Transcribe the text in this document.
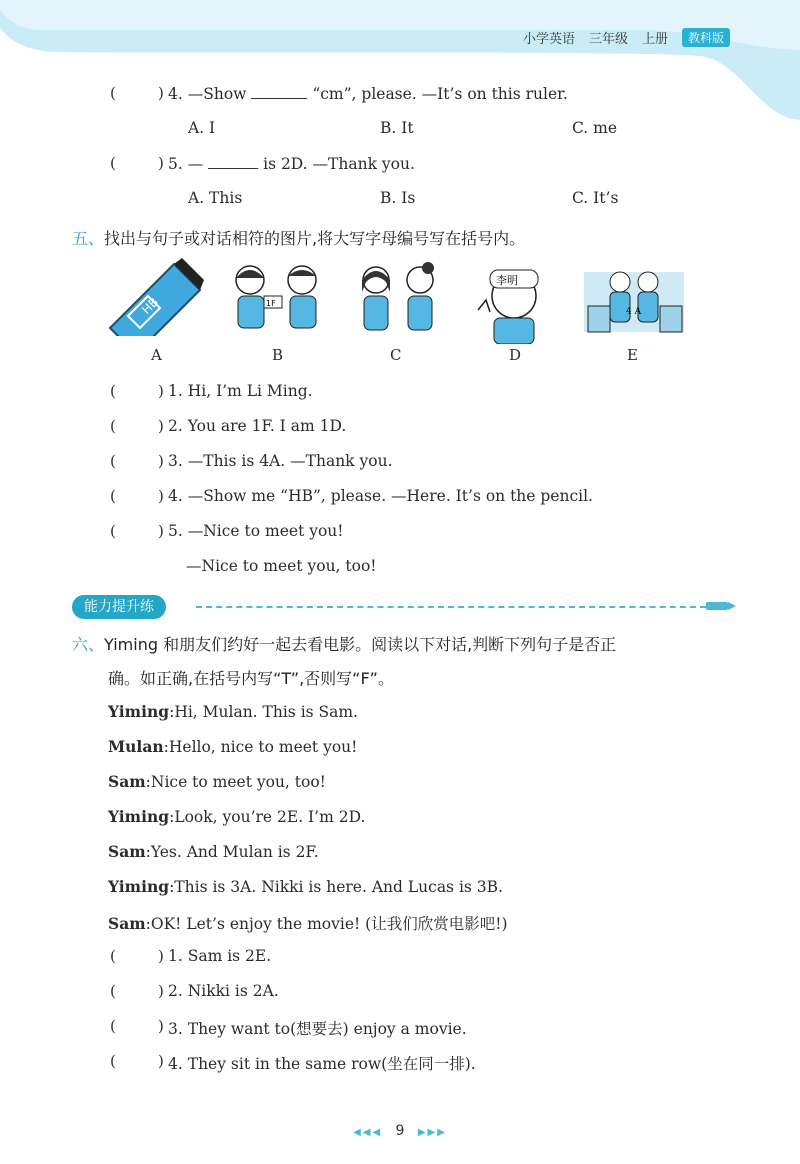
小学英语 三年级 上册	教科版
(	) 4. —Show	“cm”, please. —It’s on this ruler.
A. I	B. It	C. me
(	) 5. —	is 2D. —Thank you.
A. This	B. Is	C. It’s
五、找出与句子或对话相符的图片,将大写字母编号写在括号内。
HB	1F
李明
4 A
A	B	C	D	E
(	) 1. Hi, I’m Li Ming.
(	) 2. You are 1F. I am 1D.
(	) 3. —This is 4A. —Thank you.
(	) 4. —Show me “HB”, please. —Here. It’s on the pencil.
(	) 5. —Nice to meet you!
—Nice to meet you, too!
能力提升练
六、Yiming 和朋友们约好一起去看电影。阅读以下对话,判断下列句子是否正
确。如正确,在括号内写“T”,否则写“F”。
Yiming:Hi, Mulan. This is Sam.
Mulan:Hello, nice to meet you!
Sam:Nice to meet you, too!
Yiming:Look, you’re 2E. I’m 2D.
Sam:Yes. And Mulan is 2F.
Yiming:This is 3A. Nikki is here. And Lucas is 3B.
Sam:OK! Let’s enjoy the movie! (让我们欣赏电影吧!)
(	) 1. Sam is 2E.
(	) 2. Nikki is 2A.
(	) 3. They want to(想要去) enjoy a movie.
(	) 4. They sit in the same row(坐在同一排).
◀◀◀ 9 ▶▶▶
